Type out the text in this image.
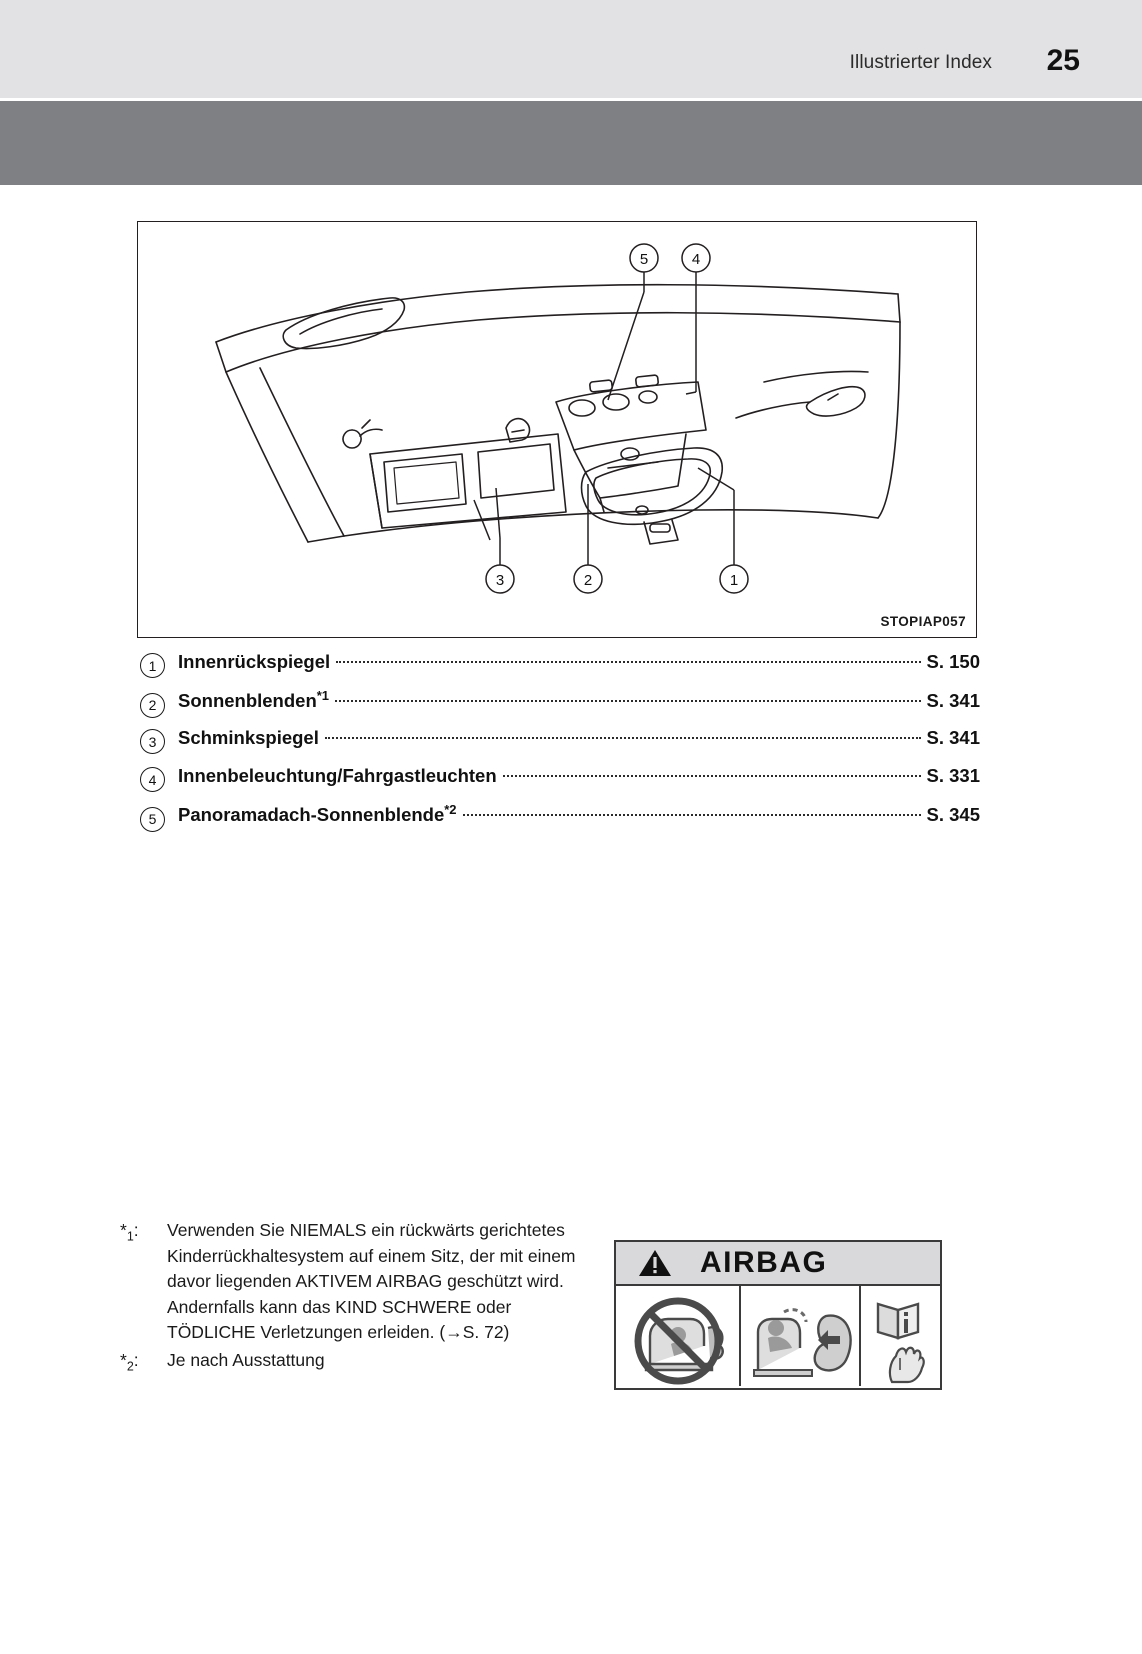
Illustrierter Index 25
5	4
3	2	1
STOPIAP057
1	Innenrückspiegel	S. 150
2	Sonnenblenden$^{*1}$	S. 341
3	Schminkspiegel	S. 341
4	Innenbeleuchtung/Fahrgastleuchten	S. 331
5	Panoramadach-Sonnenblende$^{*2}$	S. 345
$*_1$:	Verwenden Sie NIEMALS ein rückwärts gerichtetes Kinderrückhaltesystem auf einem Sitz, der mit einem davor liegenden AKTIVEM AIRBAG geschützt wird. Andernfalls kann das KIND SCHWERE oder TÖDLICHE Verletzungen erleiden. (→S. 72)
$*_2$:	Je nach Ausstattung
AIRBAG
